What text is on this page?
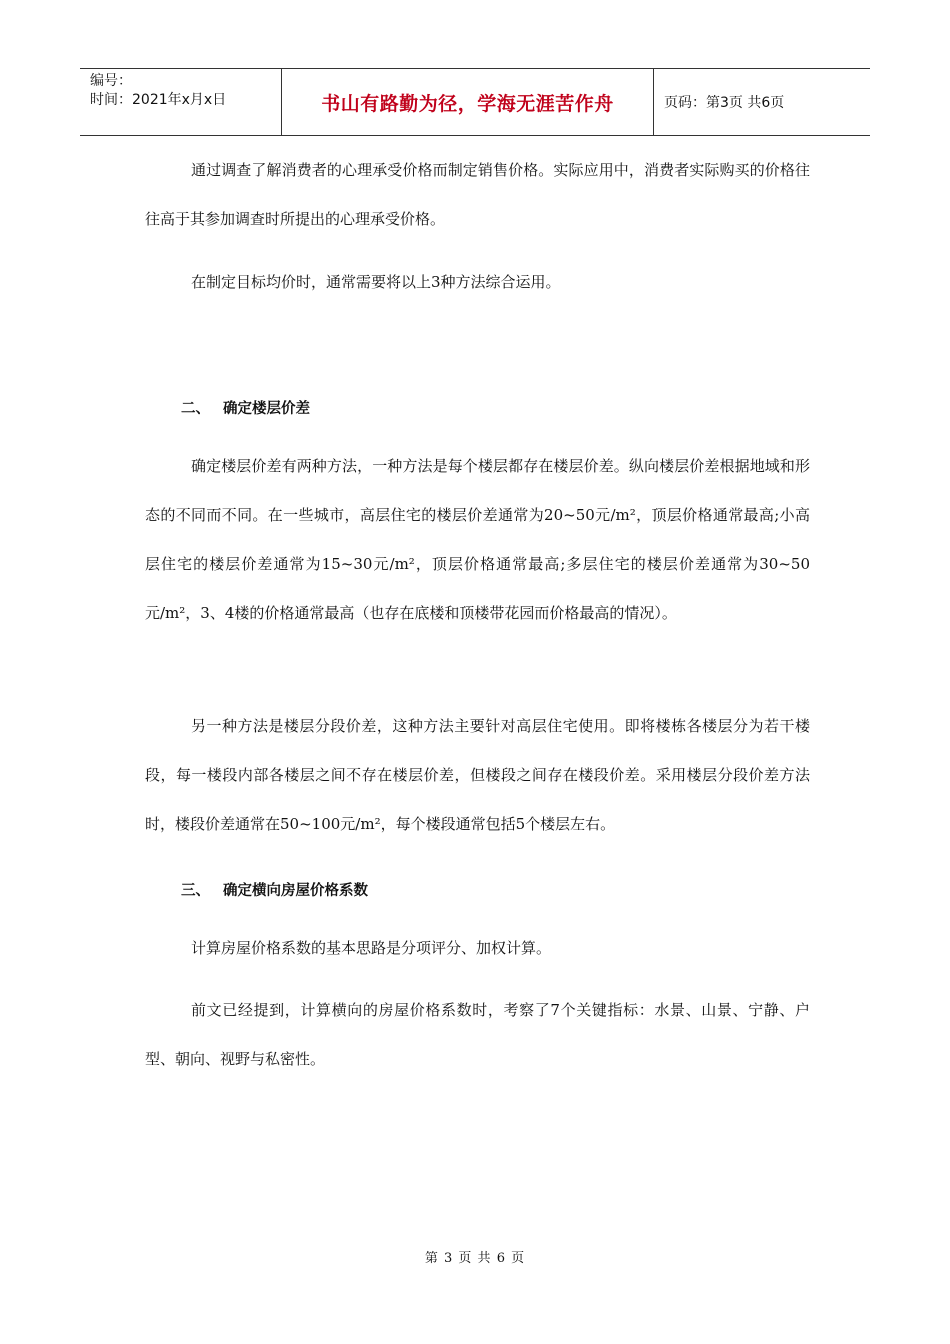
编号：
时间：2021年x月x日	书山有路勤为径，学海无涯苦作舟	页码：第3页 共6页

通过调查了解消费者的心理承受价格而制定销售价格。实际应用中，消费者实际购买的价格往往高于其参加调查时所提出的心理承受价格。

在制定目标均价时，通常需要将以上3种方法综合运用。

二、 确定楼层价差

确定楼层价差有两种方法，一种方法是每个楼层都存在楼层价差。纵向楼层价差根据地域和形态的不同而不同。在一些城市，高层住宅的楼层价差通常为20~50元/m²，顶层价格通常最高;小高层住宅的楼层价差通常为15~30元/m²，顶层价格通常最高;多层住宅的楼层价差通常为30~50元/m²，3、4楼的价格通常最高（也存在底楼和顶楼带花园而价格最高的情况）。

另一种方法是楼层分段价差，这种方法主要针对高层住宅使用。即将楼栋各楼层分为若干楼段，每一楼段内部各楼层之间不存在楼层价差，但楼段之间存在楼段价差。采用楼层分段价差方法时，楼段价差通常在50~100元/m²，每个楼段通常包括5个楼层左右。

三、 确定横向房屋价格系数

计算房屋价格系数的基本思路是分项评分、加权计算。

前文已经提到，计算横向的房屋价格系数时，考察了7个关键指标：水景、山景、宁静、户型、朝向、视野与私密性。

第 3 页 共 6 页
